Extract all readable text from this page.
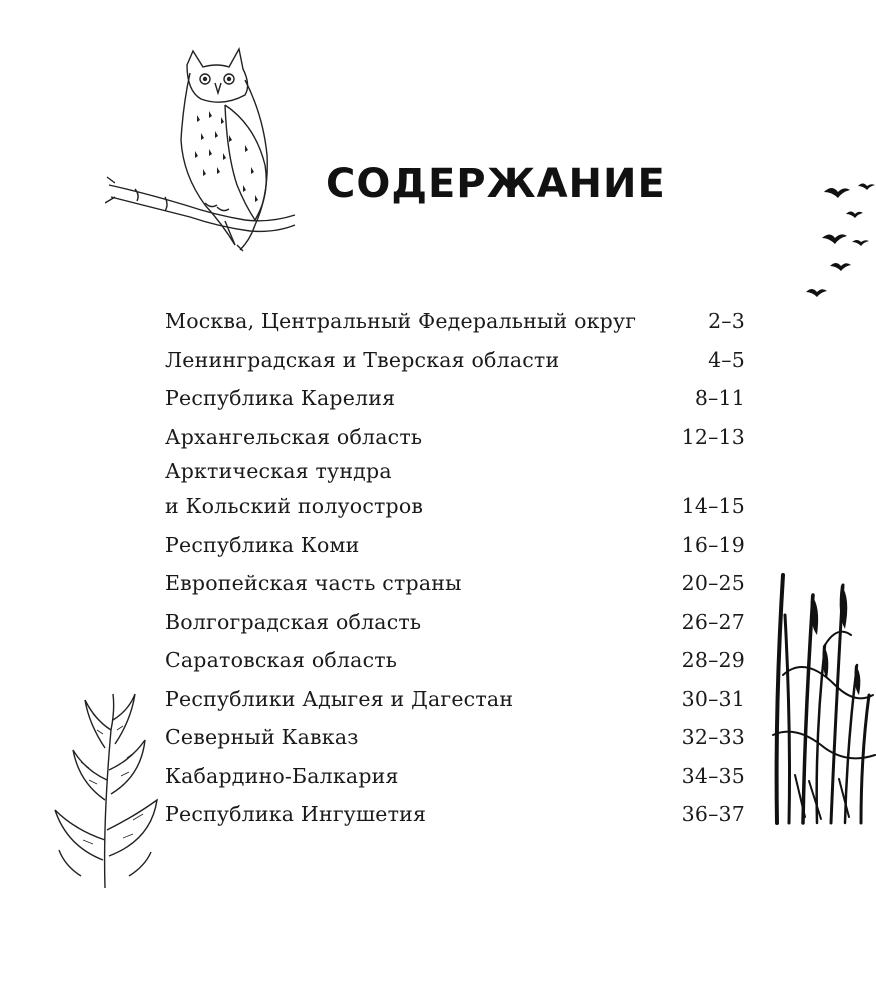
СОДЕРЖАНИЕ
Москва, Центральный Федеральный округ	2–3
Ленинградская и Тверская области	4–5
Республика Карелия	8–11
Архангельская область	12–13
Арктическая тундра
и Кольский полуостров	14–15
Республика Коми	16–19
Европейская часть страны	20–25
Волгоградская область	26–27
Саратовская область	28–29
Республики Адыгея и Дагестан	30–31
Северный Кавказ	32–33
Кабардино-Балкария	34–35
Республика Ингушетия	36–37
